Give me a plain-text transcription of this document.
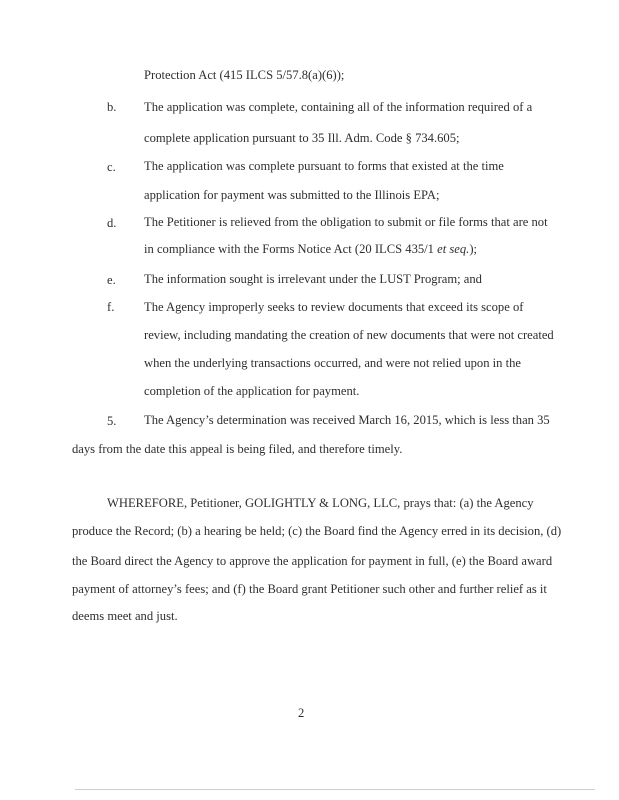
Protection Act (415 ILCS 5/57.8(a)(6));
b. The application was complete, containing all of the information required of a
complete application pursuant to 35 Ill. Adm. Code § 734.605;
c. The application was complete pursuant to forms that existed at the time
application for payment was submitted to the Illinois EPA;
d. The Petitioner is relieved from the obligation to submit or file forms that are not
in compliance with the Forms Notice Act (20 ILCS 435/1 et seq.);
e. The information sought is irrelevant under the LUST Program; and
f. The Agency improperly seeks to review documents that exceed its scope of
review, including mandating the creation of new documents that were not created
when the underlying transactions occurred, and were not relied upon in the
completion of the application for payment.
5. The Agency’s determination was received March 16, 2015, which is less than 35
days from the date this appeal is being filed, and therefore timely.
WHEREFORE, Petitioner, GOLIGHTLY & LONG, LLC, prays that: (a) the Agency
produce the Record; (b) a hearing be held; (c) the Board find the Agency erred in its decision, (d)
the Board direct the Agency to approve the application for payment in full, (e) the Board award
payment of attorney’s fees; and (f) the Board grant Petitioner such other and further relief as it
deems meet and just.
2
